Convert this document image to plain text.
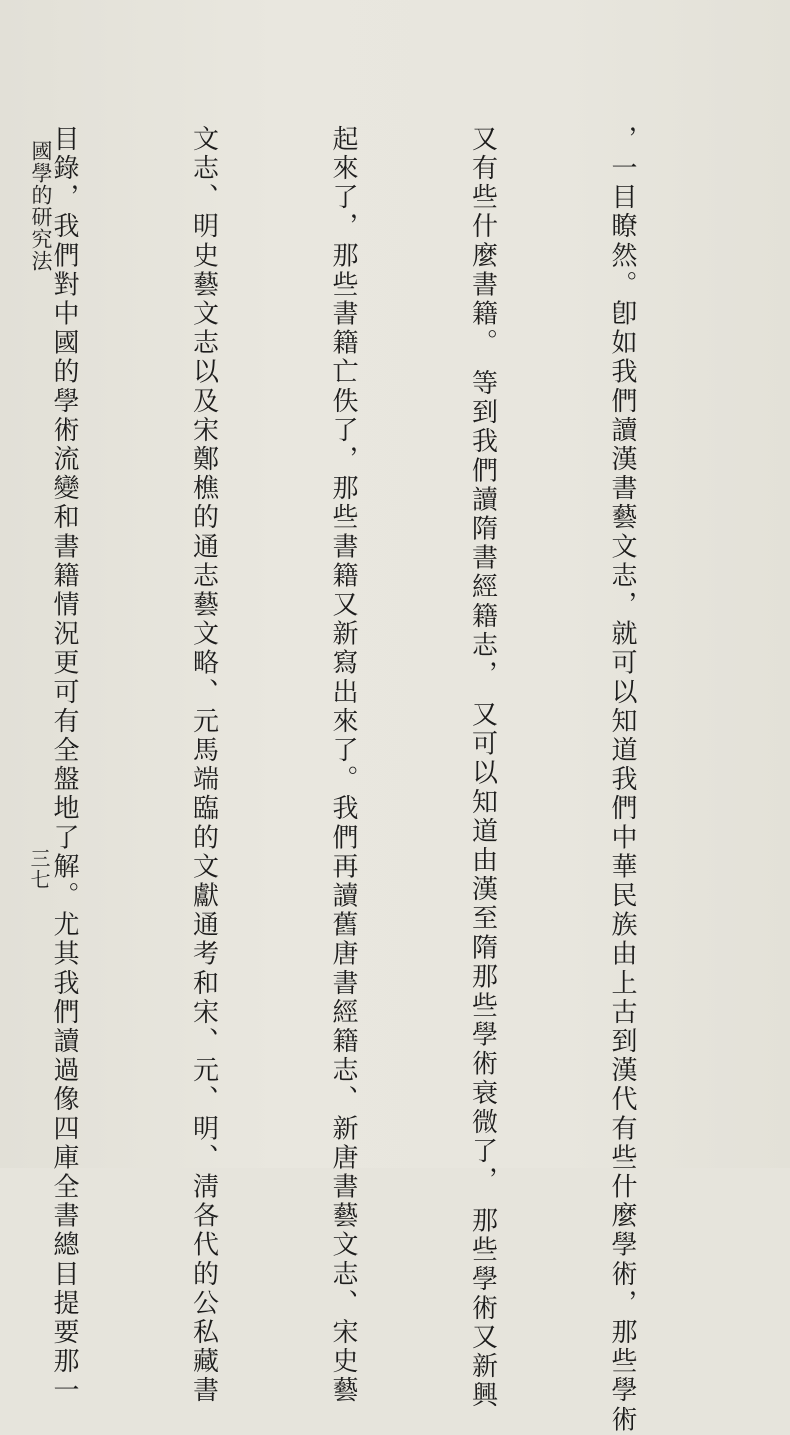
，一目瞭然。卽如我們讀漢書藝文志，就可以知道我們中華民族由上古到漢代有些什麼學術，那些學術

又有些什麼書籍。 等到我們讀隋書經籍志， 又可以知道由漢至隋那些學術衰微了， 那些學術又新興

起來了，那些書籍亡佚了，那些書籍又新寫出來了。我們再讀舊唐書經籍志、新唐書藝文志、宋史藝

文志、明史藝文志以及宋鄭樵的通志藝文略、元馬端臨的文獻通考和宋、元、明、淸各代的公私藏書

目錄，我們對中國的學術流變和書籍情況更可有全盤地了解。尤其我們讀過像四庫全書總目提要那一

國學的研究法
三七
